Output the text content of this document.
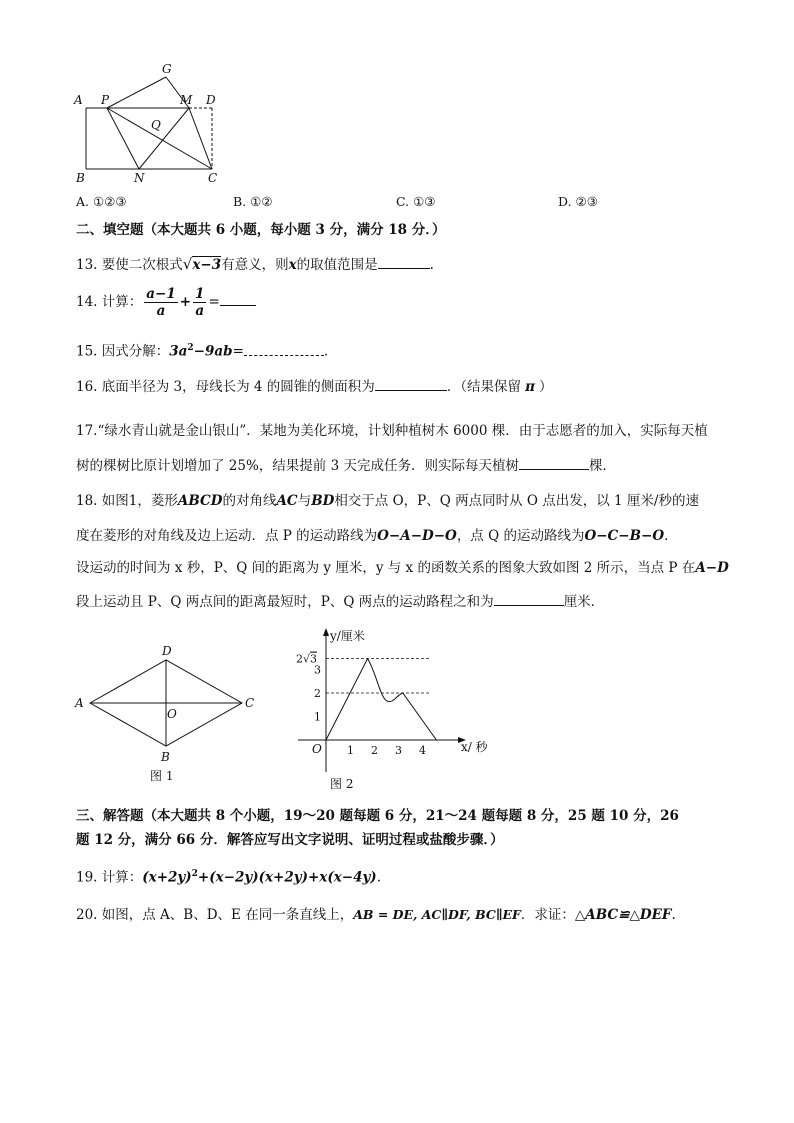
G
A P	M D
Q
B	N	C
A. ①②③	B. ①②	C. ①③	D. ②③
二、填空题（本大题共 6 小题，每小题 3 分，满分 18 分．）
13. 要使二次根式√x−3有意义，则x的取值范围是	.
14. 计算： $\frac{a-1}{a} + \frac{1}{a}$ =
15. 因式分解：$3a^2-9ab=$	.
16. 底面半径为 3，母线长为 4 的圆锥的侧面积为	．（结果保留 π ）
17.“绿水青山就是金山银山”．某地为美化环境，计划种植树木 6000 棵．由于志愿者的加入，实际每天植
树的棵树比原计划增加了 25%，结果提前 3 天完成任务．则实际每天植树	棵．
18. 如图1，菱形ABCD的对角线AC与BD相交于点 O，P、Q 两点同时从 O 点出发，以 1 厘米/秒的速
度在菱形的对角线及边上运动．点 P 的运动路线为O−A−D−O，点 Q 的运动路线为O−C−B−O.
设运动的时间为 x 秒，P、Q 间的距离为 y 厘米，y 与 x 的函数关系的图象大致如图 2 所示，当点 P 在A−D
段上运动且 P、Q 两点间的距离最短时，P、Q 两点的运动路程之和为	厘米．
D
A
O
C
B
图 1
y/厘米
x/ 秒
O 1 2 3 4
1
2
3
2√3
图 2
三、解答题（本大题共 8 个小题，19～20 题每题 6 分，21～24 题每题 8 分，25 题 10 分，26
题 12 分，满分 66 分．解答应写出文字说明、证明过程或盐酸步骤．）
19. 计算：$(x+2y)^2+(x-2y)(x+2y)+x(x-4y)$.
20. 如图，点 A、B、D、E 在同一条直线上，AB = DE, AC∥DF, BC∥EF．求证：△ABC≌△DEF.
